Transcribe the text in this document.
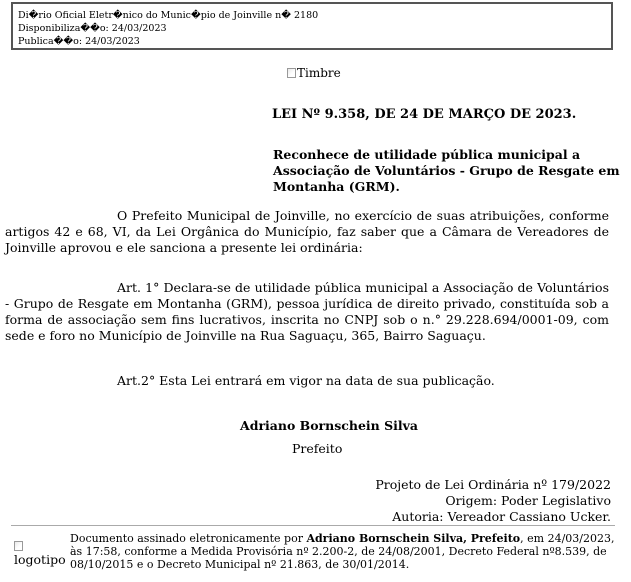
Di�rio Oficial Eletr�nico do Munic�pio de Joinville n� 2180
Disponibiliza��o: 24/03/2023
Publica��o: 24/03/2023
Timbre
LEI Nº 9.358, DE 24 DE MARÇO DE 2023.
Reconhece de utilidade pública municipal a Associação de Voluntários - Grupo de Resgate em Montanha (GRM).
O Prefeito Municipal de Joinville, no exercício de suas atribuições, conforme artigos 42 e 68, VI, da Lei Orgânica do Município, faz saber que a Câmara de Vereadores de Joinville aprovou e ele sanciona a presente lei ordinária:
Art. 1° Declara-se de utilidade pública municipal a Associação de Voluntários - Grupo de Resgate em Montanha (GRM), pessoa jurídica de direito privado, constituída sob a forma de associação sem fins lucrativos, inscrita no CNPJ sob o n.° 29.228.694/0001-09, com sede e foro no Município de Joinville na Rua Saguaçu, 365, Bairro Saguaçu.
Art.2° Esta Lei entrará em vigor na data de sua publicação.
Adriano Bornschein Silva
Prefeito
Projeto de Lei Ordinária nº 179/2022
Origem: Poder Legislativo
Autoria: Vereador Cassiano Ucker.
logotipo
Documento assinado eletronicamente por Adriano Bornschein Silva, Prefeito, em 24/03/2023, às 17:58, conforme a Medida Provisória nº 2.200-2, de 24/08/2001, Decreto Federal nº8.539, de 08/10/2015 e o Decreto Municipal nº 21.863, de 30/01/2014.
